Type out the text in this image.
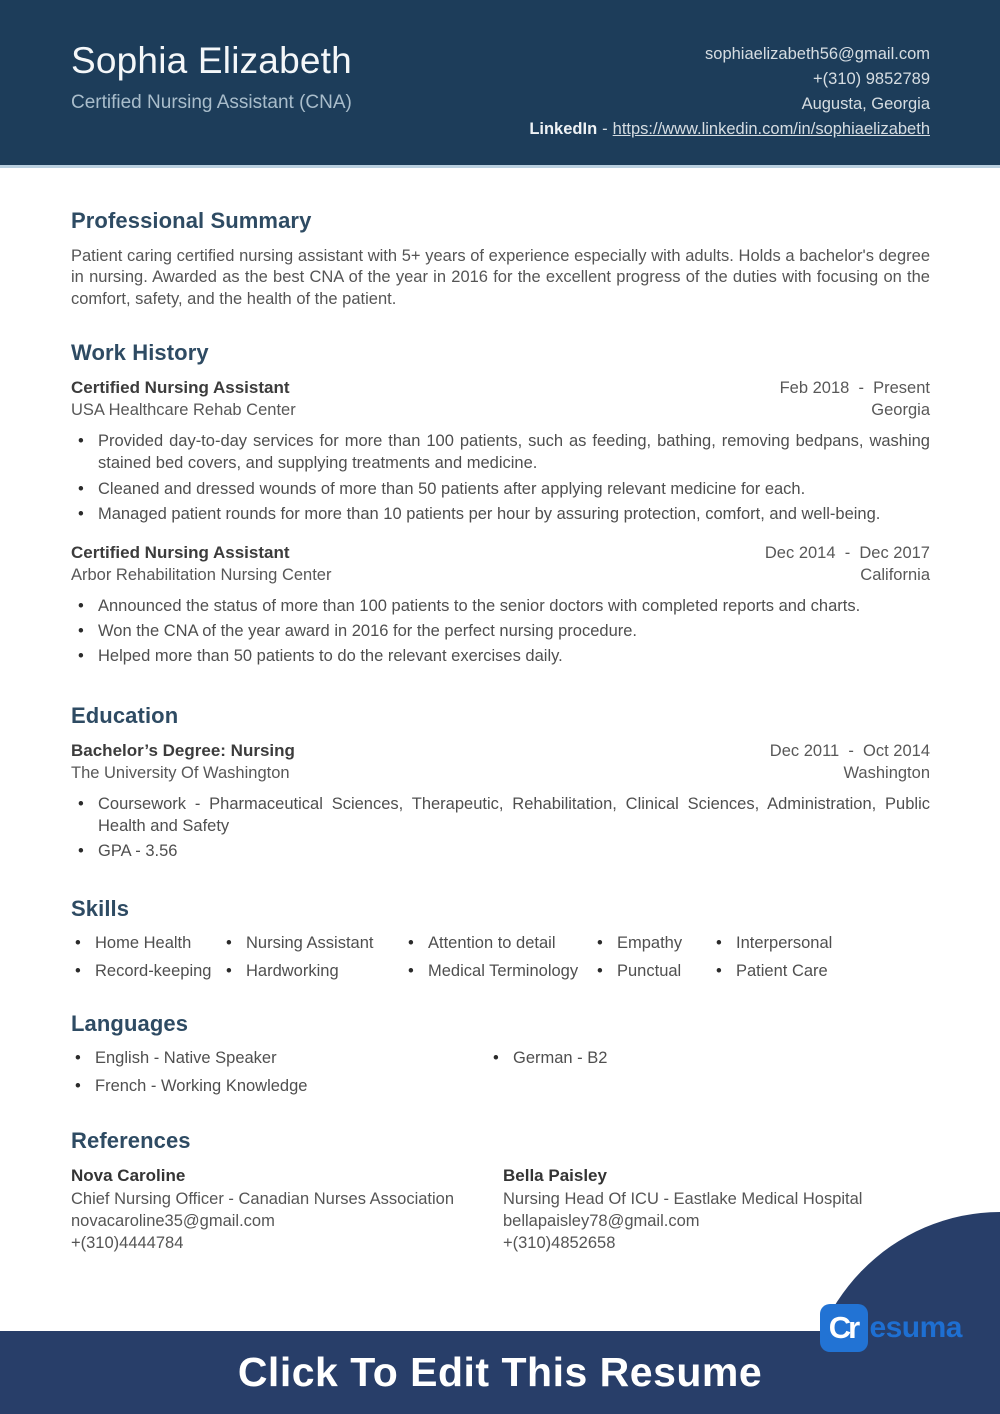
Sophia Elizabeth
Certified Nursing Assistant (CNA)
sophiaelizabeth56@gmail.com
+(310) 9852789
Augusta, Georgia
LinkedIn - https://www.linkedin.com/in/sophiaelizabeth
Professional Summary

Patient caring certified nursing assistant with 5+ years of experience especially with adults. Holds a bachelor's degree in nursing. Awarded as the best CNA of the year in 2016 for the excellent progress of the duties with focusing on the comfort, safety, and the health of the patient.

Work History
Certified Nursing Assistant	Feb 2018  -  Present
USA Healthcare Rehab Center	Georgia
• Provided day-to-day services for more than 100 patients, such as feeding, bathing, removing bedpans, washing stained bed covers, and supplying treatments and medicine.
• Cleaned and dressed wounds of more than 50 patients after applying relevant medicine for each.
• Managed patient rounds for more than 10 patients per hour by assuring protection, comfort, and well-being.
Certified Nursing Assistant	Dec 2014  -  Dec 2017
Arbor Rehabilitation Nursing Center	California
• Announced the status of more than 100 patients to the senior doctors with completed reports and charts.
• Won the CNA of the year award in 2016 for the perfect nursing procedure.
• Helped more than 50 patients to do the relevant exercises daily.
Education
Bachelor’s Degree: Nursing	Dec 2011  -  Oct 2014
The University Of Washington	Washington
• Coursework - Pharmaceutical Sciences, Therapeutic, Rehabilitation, Clinical Sciences, Administration, Public Health and Safety
• GPA - 3.56
Skills
• Home Health	• Nursing Assistant	• Attention to detail	• Empathy	• Interpersonal
• Record-keeping	• Hardworking	• Medical Terminology	• Punctual	• Patient Care
Languages
• English - Native Speaker	• German - B2
• French - Working Knowledge
References
Nova Caroline
Chief Nursing Officer - Canadian Nurses Association
novacaroline35@gmail.com
+(310)4444784
Bella Paisley
Nursing Head Of ICU - Eastlake Medical Hospital
bellapaisley78@gmail.com
+(310)4852658
Click To Edit This Resume
Cr esuma
